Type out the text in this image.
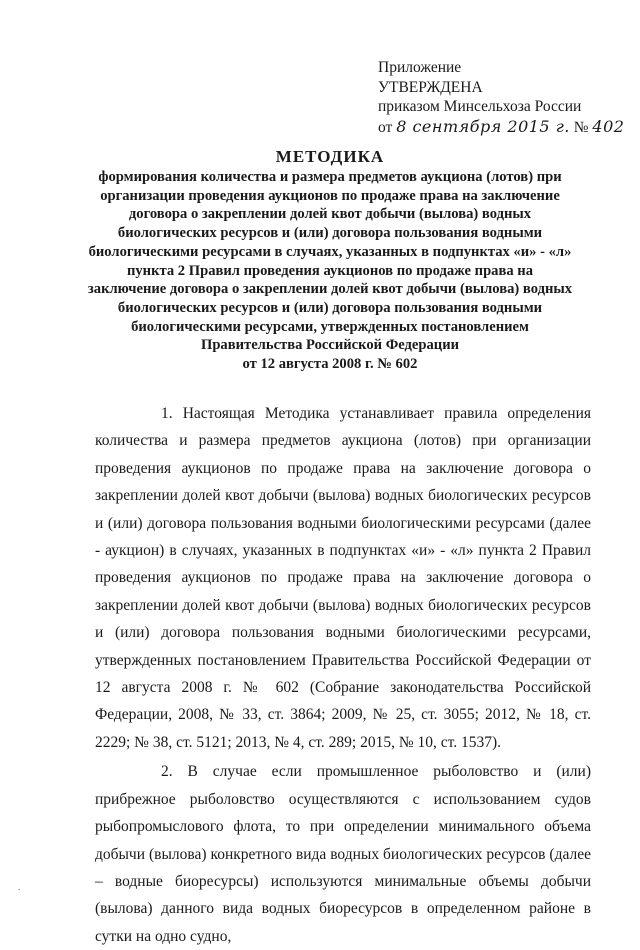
Приложение
УТВЕРЖДЕНА
приказом Минсельхоза России
от 8 сентября 2015 г. № 402
МЕТОДИКА
формирования количества и размера предметов аукциона (лотов) при
организации проведения аукционов по продаже права на заключение
договора о закреплении долей квот добычи (вылова) водных
биологических ресурсов и (или) договора пользования водными
биологическими ресурсами в случаях, указанных в подпунктах «и» - «л»
пункта 2 Правил проведения аукционов по продаже права на
заключение договора о закреплении долей квот добычи (вылова) водных
биологических ресурсов и (или) договора пользования водными
биологическими ресурсами, утвержденных постановлением
Правительства Российской Федерации
от 12 августа 2008 г. № 602

1. Настоящая Методика устанавливает правила определения количества и размера предметов аукциона (лотов) при организации проведения аукционов по продаже права на заключение договора о закреплении долей квот добычи (вылова) водных биологических ресурсов и (или) договора пользования водными биологическими ресурсами (далее - аукцион) в случаях, указанных в подпунктах «и» - «л» пункта 2 Правил проведения аукционов по продаже права на заключение договора о закреплении долей квот добычи (вылова) водных биологических ресурсов и (или) договора пользования водными биологическими ресурсами, утвержденных постановлением Правительства Российской Федерации от 12 августа 2008 г. № 602 (Собрание законодательства Российской Федерации, 2008, № 33, ст. 3864; 2009, № 25, ст. 3055; 2012, № 18, ст. 2229; № 38, ст. 5121; 2013, № 4, ст. 289; 2015, № 10, ст. 1537).

2. В случае если промышленное рыболовство и (или) прибрежное рыболовство осуществляются с использованием судов рыбопромыслового флота, то при определении минимального объема добычи (вылова) конкретного вида водных биологических ресурсов (далее – водные биоресурсы) используются минимальные объемы добычи (вылова) данного вида водных биоресурсов в определенном районе в сутки на одно судно,

.
